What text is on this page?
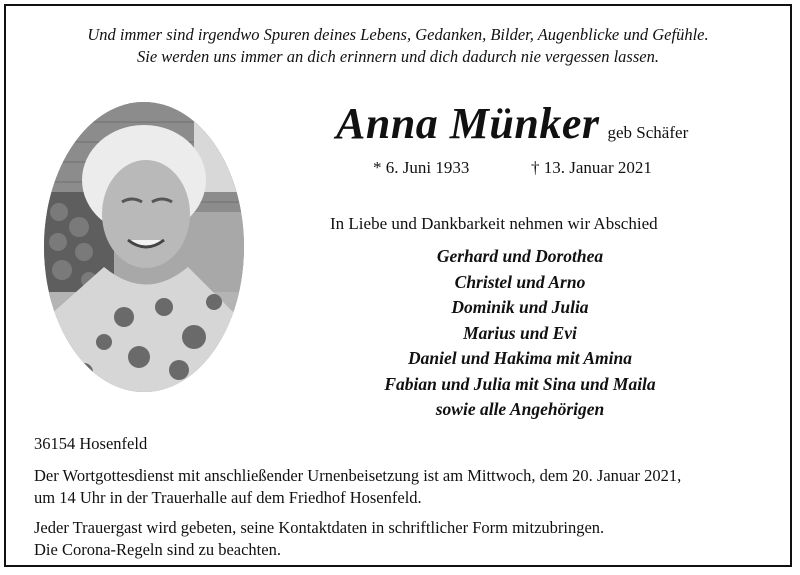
Und immer sind irgendwo Spuren deines Lebens, Gedanken, Bilder, Augenblicke und Gefühle.
Sie werden uns immer an dich erinnern und dich dadurch nie vergessen lassen.
Anna Münker geb Schäfer
* 6. Juni 1933	† 13. Januar 2021
In Liebe und Dankbarkeit nehmen wir Abschied
Gerhard und Dorothea
Christel und Arno
Dominik und Julia
Marius und Evi
Daniel und Hakima mit Amina
Fabian und Julia mit Sina und Maila
sowie alle Angehörigen
36154 Hosenfeld
Der Wortgottesdienst mit anschließender Urnenbeisetzung ist am Mittwoch, dem 20. Januar 2021,
um 14 Uhr in der Trauerhalle auf dem Friedhof Hosenfeld.
Jeder Trauergast wird gebeten, seine Kontaktdaten in schriftlicher Form mitzubringen.
Die Corona-Regeln sind zu beachten.
